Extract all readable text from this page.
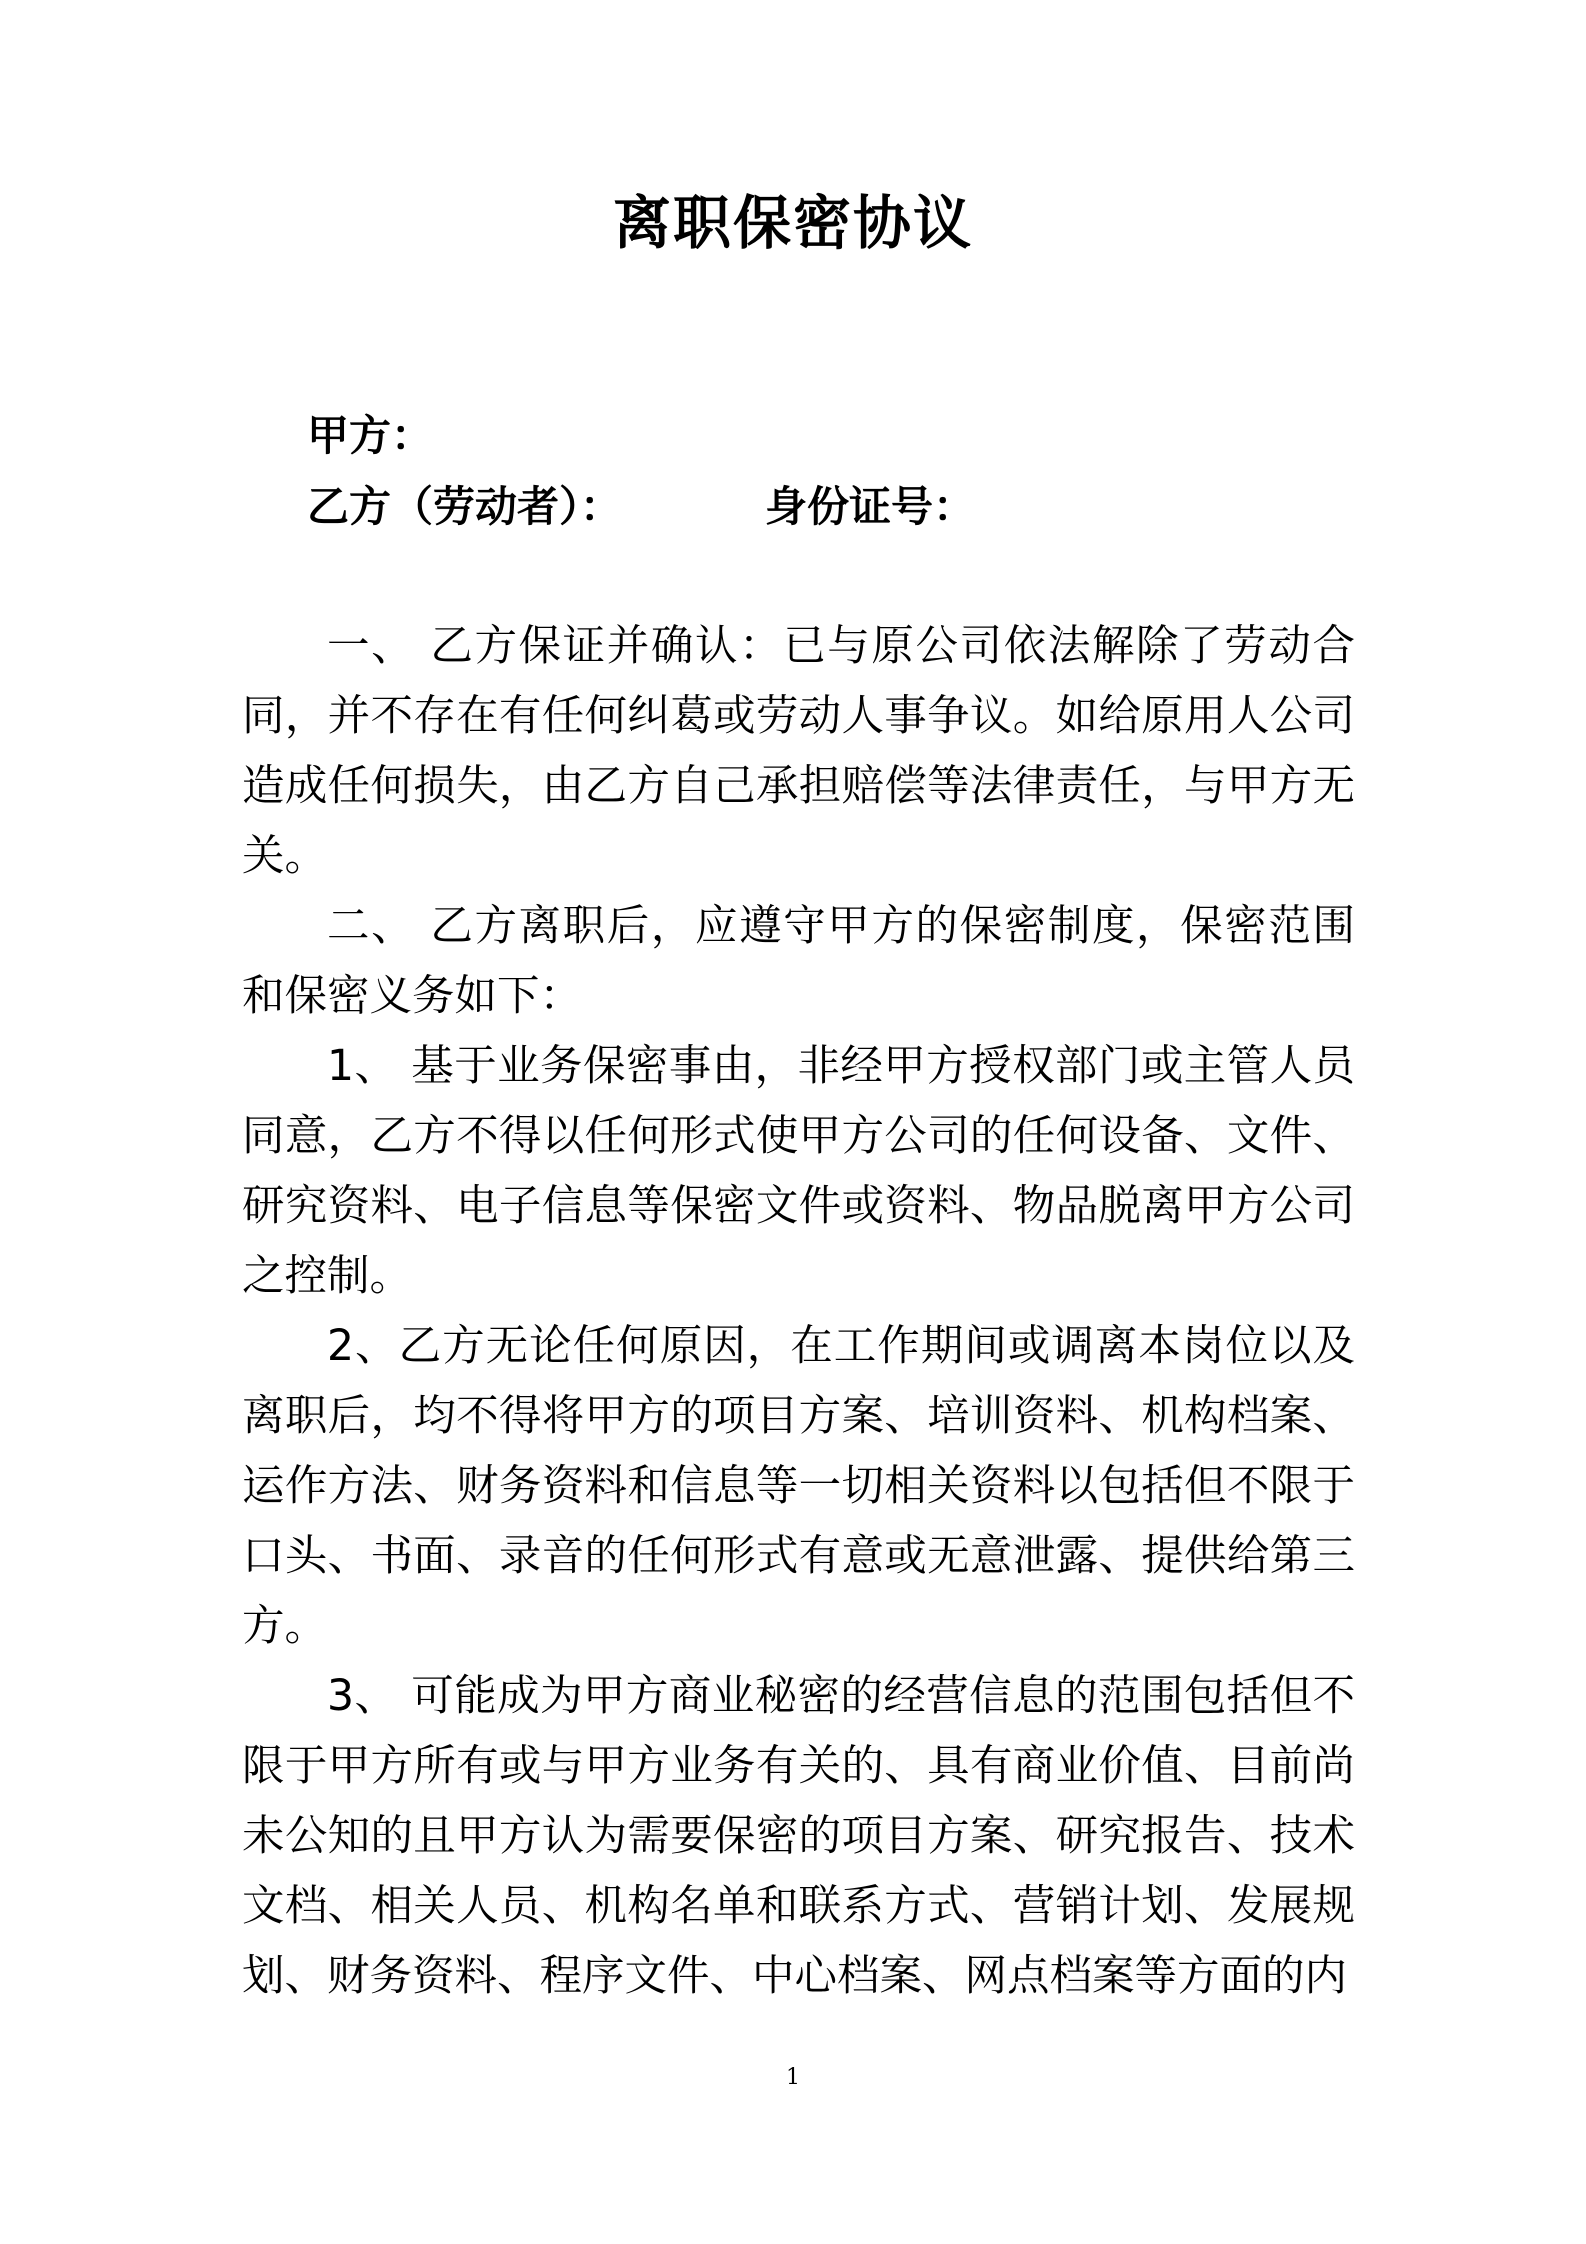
离职保密协议
甲方：
乙方（劳动者）：	身份证号：

一、 乙方保证并确认：已与原公司依法解除了劳动合同，并不存在有任何纠葛或劳动人事争议。如给原用人公司造成任何损失，由乙方自己承担赔偿等法律责任，与甲方无关。

二、 乙方离职后，应遵守甲方的保密制度，保密范围和保密义务如下：

1、 基于业务保密事由，非经甲方授权部门或主管人员同意，乙方不得以任何形式使甲方公司的任何设备、文件、研究资料、电子信息等保密文件或资料、物品脱离甲方公司之控制。

2、乙方无论任何原因，在工作期间或调离本岗位以及离职后，均不得将甲方的项目方案、培训资料、机构档案、运作方法、财务资料和信息等一切相关资料以包括但不限于口头、书面、录音的任何形式有意或无意泄露、提供给第三方。

3、 可能成为甲方商业秘密的经营信息的范围包括但不限于甲方所有或与甲方业务有关的、具有商业价值、目前尚未公知的且甲方认为需要保密的项目方案、研究报告、技术文档、相关人员、机构名单和联系方式、营销计划、发展规划、财务资料、程序文件、中心档案、网点档案等方面的内

1
